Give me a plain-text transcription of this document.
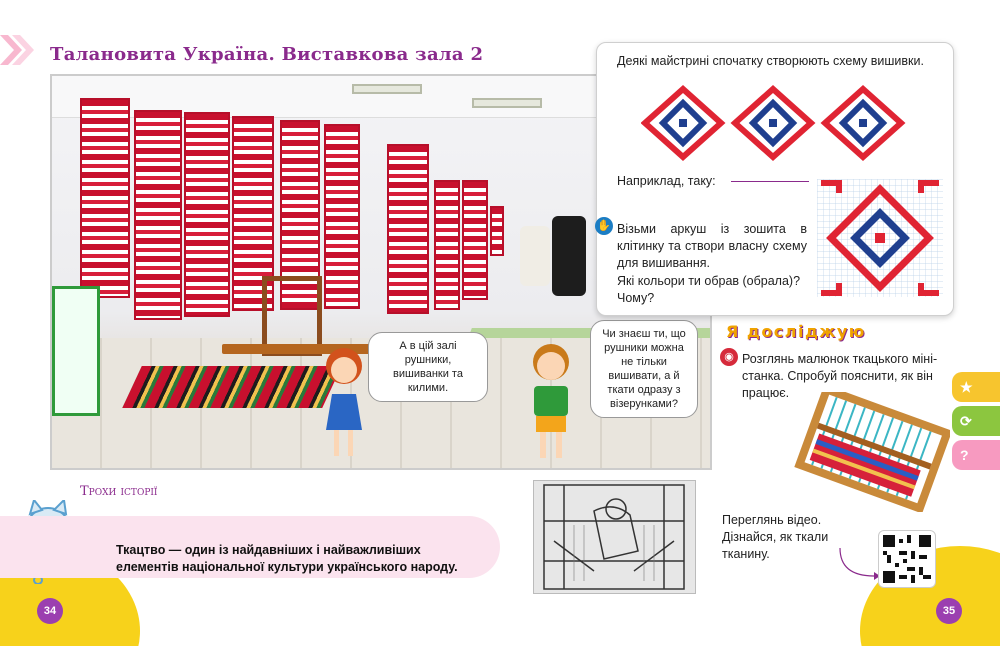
Талановита Україна. Виставкова зала 2
А в цій залі рушники, вишиванки та килими.
Чи знаєш ти, що рушники можна не тільки вишивати, а й ткати одразу з візерунками?
Деякі майстрині спочатку створюють схему вишивки.
Наприклад, таку:
✋ Візьми аркуш із зошита в клітинку та створи власну схему для вишивання.
Які кольори ти обрав (обрала)? Чому?
Я досліджую
◉ Розглянь малюнок ткацького міні-станка. Спробуй пояснити, як він працює.	★
⟳
?
Переглянь відео.
Дізнайся, як ткали
тканину.
Трохи історії
Ткацтво — один із найдавніших і найважливіших елементів національної культури українського народу.
34	35
